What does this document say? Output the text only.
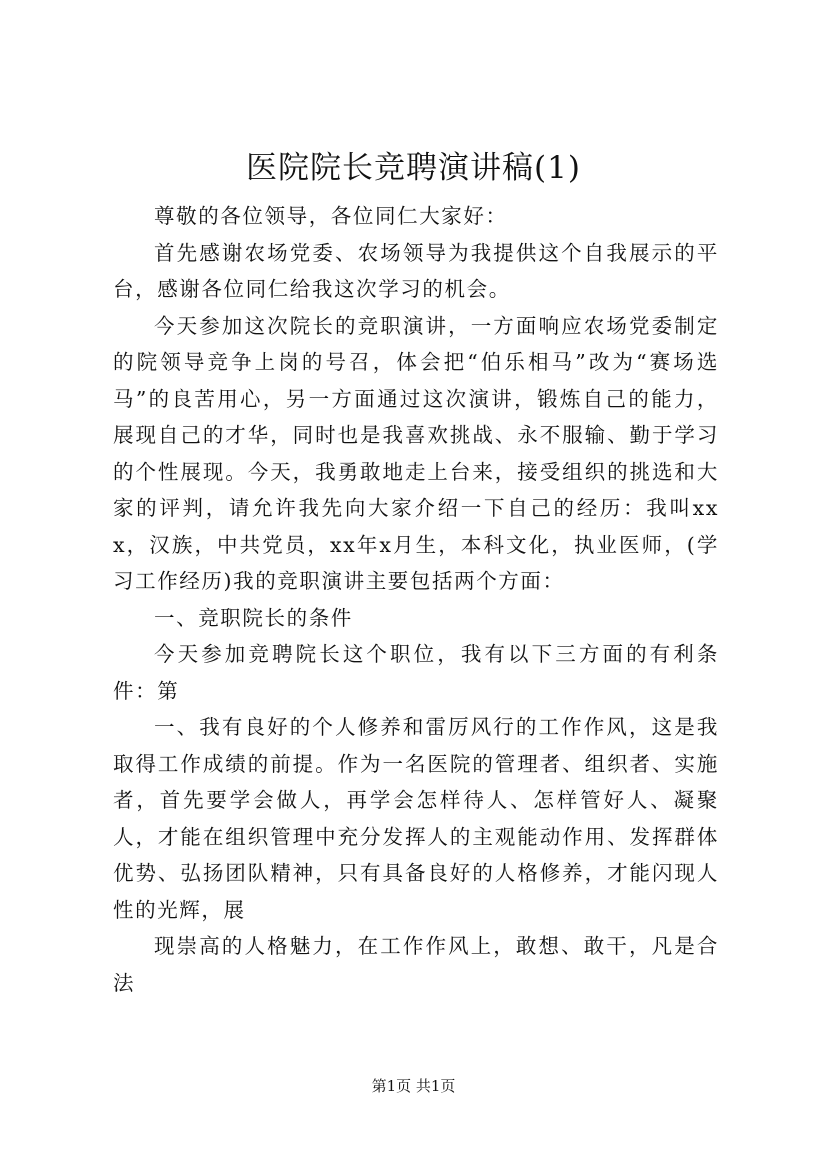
医院院长竞聘演讲稿(1)

尊敬的各位领导，各位同仁大家好：

首先感谢农场党委、农场领导为我提供这个自我展示的平台，感谢各位同仁给我这次学习的机会。

今天参加这次院长的竞职演讲，一方面响应农场党委制定的院领导竞争上岗的号召，体会把“伯乐相马”改为“赛场选马”的良苦用心，另一方面通过这次演讲，锻炼自己的能力，展现自己的才华，同时也是我喜欢挑战、永不服输、勤于学习的个性展现。今天，我勇敢地走上台来，接受组织的挑选和大家的评判，请允许我先向大家介绍一下自己的经历：我叫xxx，汉族，中共党员，xx年x月生，本科文化，执业医师，(学习工作经历)我的竞职演讲主要包括两个方面：

一、竞职院长的条件

今天参加竞聘院长这个职位，我有以下三方面的有利条件：第

一、我有良好的个人修养和雷厉风行的工作作风，这是我取得工作成绩的前提。作为一名医院的管理者、组织者、实施者，首先要学会做人，再学会怎样待人、怎样管好人、凝聚人，才能在组织管理中充分发挥人的主观能动作用、发挥群体优势、弘扬团队精神，只有具备良好的人格修养，才能闪现人性的光辉，展

现崇高的人格魅力，在工作作风上，敢想、敢干，凡是合法

第1页 共1页
